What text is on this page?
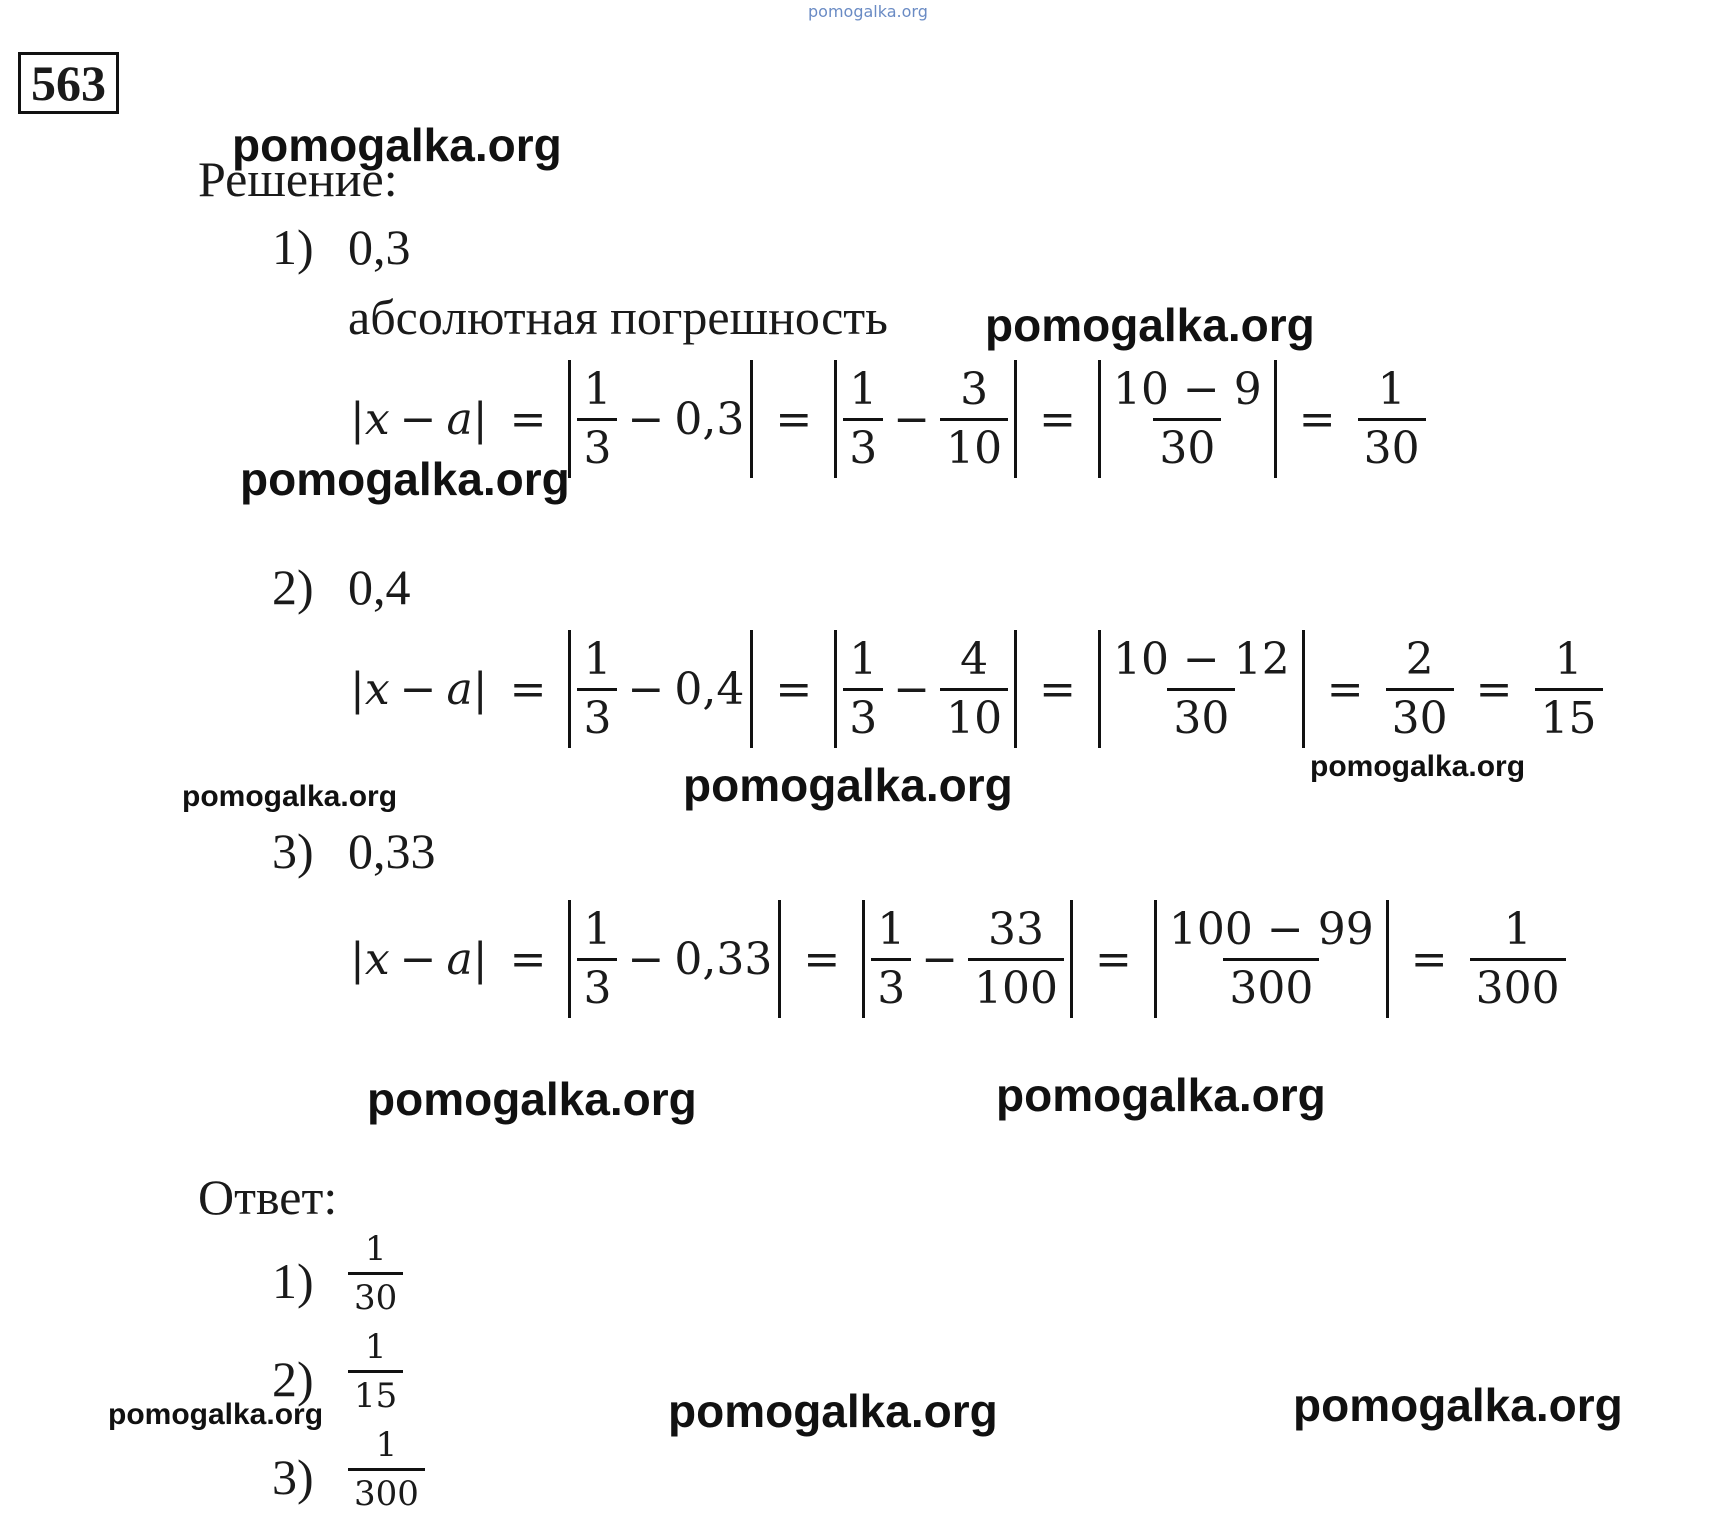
pomogalka.org
563
Решение:
1) 0,3
абсолютная погрешность
$|x - a| = \frac{1}{3} - 0,3 = \frac{1}{3} - \frac{3}{10} = \frac{10 - 9}{30} = \frac{1}{30}$
2) 0,4
$|x - a| = \frac{1}{3} - 0,4 = \frac{1}{3} - \frac{4}{10} = \frac{10 - 12}{30} = \frac{2}{30} = \frac{1}{15}$
3) 0,33
$|x - a| = \frac{1}{3} - 0,33 = \frac{1}{3} - \frac{33}{100} = \frac{100 - 99}{300} = \frac{1}{300}$
Ответ:
$1) \frac{1}{30}$
$2) \frac{1}{15}$
$3) \frac{1}{300}$
pomogalka.org
pomogalka.org
pomogalka.org
pomogalka.org	pomogalka.org	pomogalka.org
pomogalka.org	pomogalka.org
pomogalka.org	pomogalka.org	pomogalka.org
